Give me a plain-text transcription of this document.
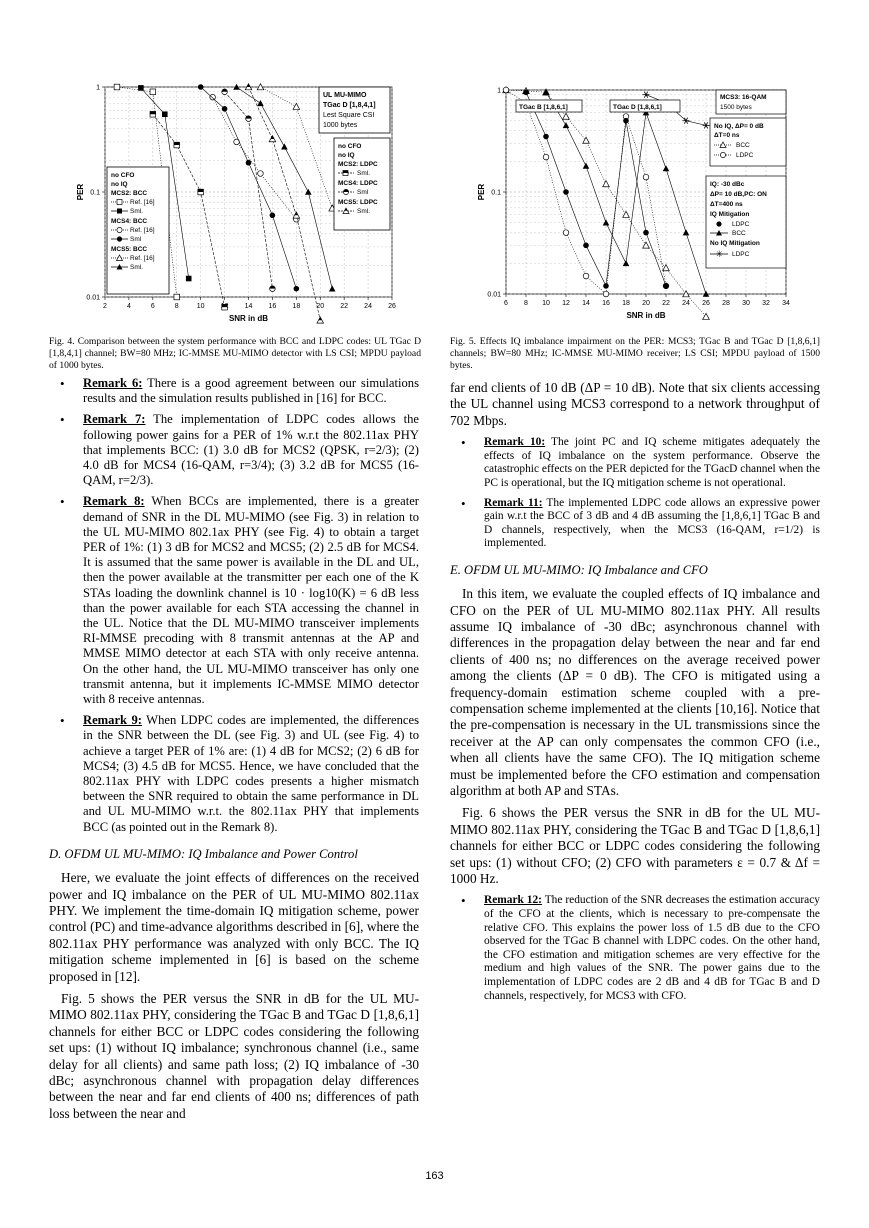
2	4	6	8	10	14 16 18 20 22 24 26
0.01
0.1
1
SNR in dB
PER
UL MU-MIMO
TGac D [1,8,4,1]
Lest Square CSI
1000 bytes
no CFO
no IQ
MCS2: LDPC
Sml.
MCS4: LDPC
Sml
MCS5: LDPC
Sml.
no CFO
no IQ
MCS2: BCC
Ref. [16]
Sml.
MCS4: BCC
Ref. [16]
Sml
MCS5: BCC
Ref. [16]
Sml.
6 8 10 12 14 16 18 20 22 24 26 28 30 32 34
0.01
0.1
1
SNR in dB
PER
TGac B [1,8,6,1]	TGac D [1,8,6,1]
MCS3: 16-QAM
1500 bytes
No IQ, ΔP= 0 dB
ΔT=0 ns
BCC
LDPC
IQ: -30 dBc
ΔP= 10 dB,PC: ON
ΔT=400 ns
IQ Mitigation
LDPC
BCC
No IQ Mitigation
✳ LDPC
Fig. 4. Comparison between the system performance with BCC and LDPC codes: UL TGac D [1,8,4,1] channel; BW=80 MHz; IC-MMSE MU-MIMO detector with LS CSI; MPDU payload of 1000 bytes.
Fig. 5. Effects IQ imbalance impairment on the PER: MCS3; TGac B and TGac D [1,8,6,1] channels; BW=80 MHz; IC-MMSE MU-MIMO receiver; LS CSI; MPDU payload of 1500 bytes.
• Remark 6: There is a good agreement between our simulations results and the simulation results published in [16] for BCC.
• Remark 7: The implementation of LDPC codes allows the following power gains for a PER of 1% w.r.t the 802.11ax PHY that implements BCC: (1) 3.0 dB for MCS2 (QPSK, r=2/3); (2) 4.0 dB for MCS4 (16-QAM, r=3/4); (3) 3.2 dB for MCS5 (16-QAM, r=2/3).
• Remark 8: When BCCs are implemented, there is a greater demand of SNR in the DL MU-MIMO (see Fig. 3) in relation to the UL MU-MIMO 802.1ax PHY (see Fig. 4) to obtain a target PER of 1%: (1) 3 dB for MCS2 and MCS5; (2) 2.5 dB for MCS4. It is assumed that the same power is available in the DL and UL, then the power available at the transmitter per each one of the K STAs loading the downlink channel is 10 · log10(K) = 6 dB less than the power available for each STA accessing the channel in the UL. Notice that the DL MU-MIMO transceiver implements RI-MMSE precoding with 8 transmit antennas at the AP and MMSE MIMO detector at each STA with only receive antenna. On the other hand, the UL MU-MIMO transceiver has only one transmit antenna, but it implements IC-MMSE MIMO detector with 8 receive antennas.
• Remark 9: When LDPC codes are implemented, the differences in the SNR between the DL (see Fig. 3) and UL (see Fig. 4) to achieve a target PER of 1% are: (1) 4 dB for MCS2; (2) 6 dB for MCS4; (3) 4.5 dB for MCS5. Hence, we have concluded that the 802.11ax PHY with LDPC codes presents a higher mismatch between the SNR required to obtain the same performance in DL and UL MU-MIMO w.r.t. the 802.11ax PHY that implements BCC (as pointed out in the Remark 8).
D. OFDM UL MU-MIMO: IQ Imbalance and Power Control

Here, we evaluate the joint effects of differences on the received power and IQ imbalance on the PER of UL MU-MIMO 802.11ax PHY. We implement the time-domain IQ mitigation scheme, power control (PC) and time-advance algorithms described in [6], where the 802.11ax PHY performance was analyzed with only BCC. The IQ mitigation scheme implemented in [6] is based on the scheme proposed in [12].

Fig. 5 shows the PER versus the SNR in dB for the UL MU-MIMO 802.11ax PHY, considering the TGac B and TGac D [1,8,6,1] channels for either BCC or LDPC codes considering the following set ups: (1) without IQ imbalance; synchronous channel (i.e., same delay for all clients) and same path loss; (2) IQ imbalance of -30 dBc; asynchronous channel with propagation delay differences between the near and far end clients of 400 ns; differences of path loss between the near and

far end clients of 10 dB (ΔP = 10 dB). Note that six clients accessing the UL channel using MCS3 correspond to a network throughput of 702 Mbps.

• Remark 10: The joint PC and IQ scheme mitigates adequately the effects of IQ imbalance on the system performance. Observe the catastrophic effects on the PER depicted for the TGacD channel when the PC is operational, but the IQ mitigation scheme is not operational.
• Remark 11: The implemented LDPC code allows an expressive power gain w.r.t the BCC of 3 dB and 4 dB assuming the [1,8,6,1] TGac B and D channels, respectively, when the MCS3 (16-QAM, r=1/2) is implemented.
E. OFDM UL MU-MIMO: IQ Imbalance and CFO

In this item, we evaluate the coupled effects of IQ imbalance and CFO on the PER of UL MU-MIMO 802.11ax PHY. All results assume IQ imbalance of -30 dBc; asynchronous channel with differences in the propagation delay between the near and far end clients of 400 ns; no differences on the average received power among the clients (ΔP = 0 dB). The CFO is mitigated using a frequency-domain estimation scheme coupled with a pre-compensation scheme implemented at the clients [10,16]. Notice that the pre-compensation is necessary in the UL transmissions since the receiver at the AP can only compensates the common CFO (i.e., when all clients have the same CFO). The IQ mitigation scheme must be implemented before the CFO estimation and compensation algorithm at both AP and STAs.

Fig. 6 shows the PER versus the SNR in dB for the UL MU-MIMO 802.11ax PHY, considering the TGac B and TGac D [1,8,6,1] channels for either BCC or LDPC codes considering the following set ups: (1) without CFO; (2) CFO with parameters ε = 0.7 & Δf = 1000 Hz.

• Remark 12: The reduction of the SNR decreases the estimation accuracy of the CFO at the clients, which is necessary to pre-compensate the relative CFO. This explains the power loss of 1.5 dB due to the CFO observed for the TGac B channel with LDPC codes. On the other hand, the CFO estimation and mitigation schemes are very effective for the medium and high values of the SNR. The power gains due to the implementation of LDPC codes are 2 dB and 4 dB for TGac B and D channels, respectively, for MCS3 with CFO.
163
